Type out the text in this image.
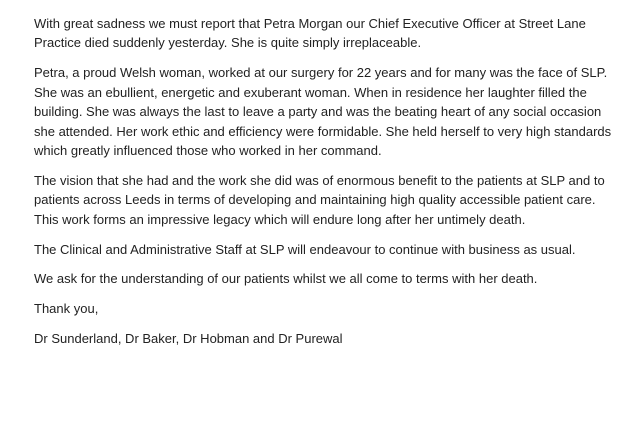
With great sadness we must report that Petra Morgan our Chief Executive Officer at Street Lane
Practice died suddenly yesterday. She is quite simply irreplaceable.

Petra, a proud Welsh woman, worked at our surgery for 22 years and for many was the face of SLP.
She was an ebullient, energetic and exuberant woman. When in residence her laughter filled the
building. She was always the last to leave a party and was the beating heart of any social occasion
she attended. Her work ethic and efficiency were formidable. She held herself to very high standards
which greatly influenced those who worked in her command.

The vision that she had and the work she did was of enormous benefit to the patients at SLP and to
patients across Leeds in terms of developing and maintaining high quality accessible patient care.
This work forms an impressive legacy which will endure long after her untimely death.

The Clinical and Administrative Staff at SLP will endeavour to continue with business as usual.

We ask for the understanding of our patients whilst we all come to terms with her death.

Thank you,

Dr Sunderland, Dr Baker, Dr Hobman and Dr Purewal
